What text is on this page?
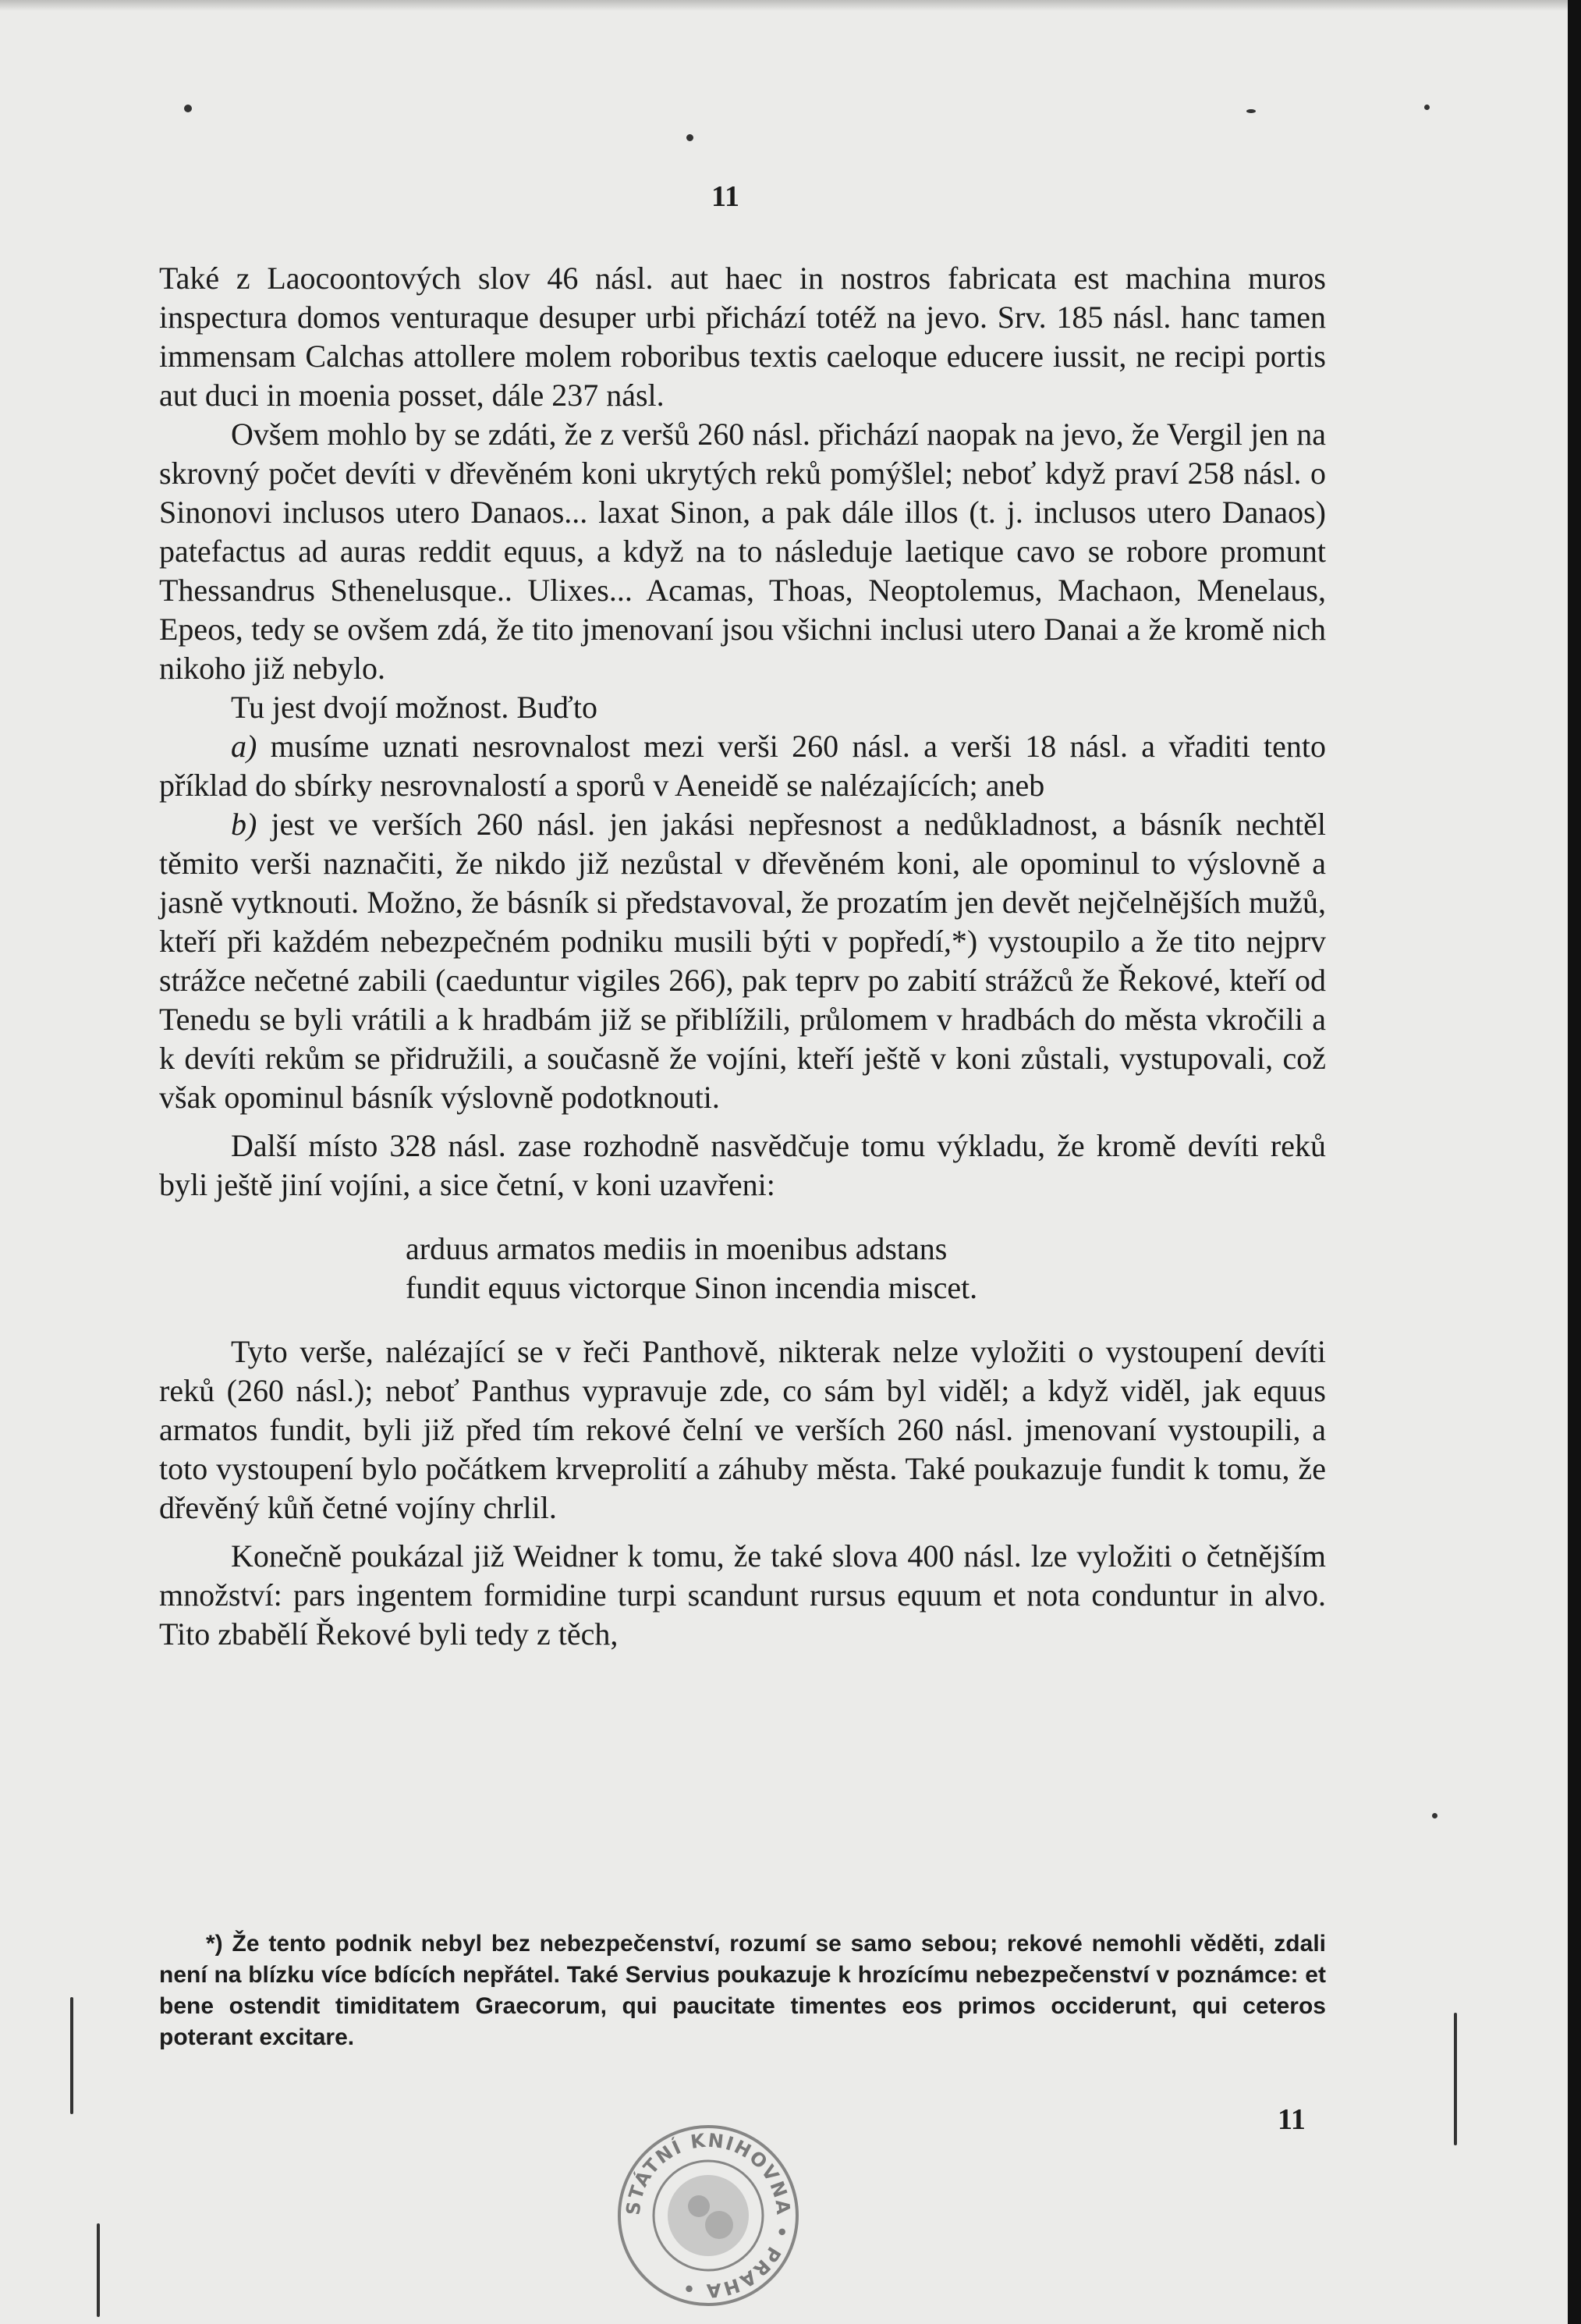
11

Také z Laocoontových slov 46 násl. aut haec in nostros fabricata est machina muros inspectura domos venturaque desuper urbi přichází totéž na jevo. Srv. 185 násl. hanc tamen immensam Calchas attollere molem roboribus textis caeloque educere iussit, ne recipi portis aut duci in moenia posset, dále 237 násl.

Ovšem mohlo by se zdáti, že z veršů 260 násl. přichází naopak na jevo, že Vergil jen na skrovný počet devíti v dřevěném koni ukrytých reků pomýšlel; neboť když praví 258 násl. o Sinonovi inclusos utero Danaos... laxat Sinon, a pak dále illos (t. j. inclusos utero Danaos) patefactus ad auras reddit equus, a když na to následuje laetique cavo se robore promunt Thessandrus Sthenelusque.. Ulixes... Acamas, Thoas, Neoptolemus, Machaon, Menelaus, Epeos, tedy se ovšem zdá, že tito jmenovaní jsou všichni inclusi utero Danai a že kromě nich nikoho již nebylo.

Tu jest dvojí možnost. Buďto

a) musíme uznati nesrovnalost mezi verši 260 násl. a verši 18 násl. a vřaditi tento příklad do sbírky nesrovnalostí a sporů v Aeneidě se nalézajících; aneb

b) jest ve verších 260 násl. jen jakási nepřesnost a nedůkladnost, a básník nechtěl těmito verši naznačiti, že nikdo již nezůstal v dřevěném koni, ale opominul to výslovně a jasně vytknouti. Možno, že básník si představoval, že prozatím jen devět nejčelnějších mužů, kteří při každém nebezpečném podniku musili býti v popředí,*) vystoupilo a že tito nejprv strážce nečetné zabili (caeduntur vigiles 266), pak teprv po zabití strážců že Řekové, kteří od Tenedu se byli vrátili a k hradbám již se přiblížili, průlomem v hradbách do města vkročili a k devíti rekům se přidružili, a současně že vojíni, kteří ještě v koni zůstali, vystupovali, což však opominul básník výslovně podotknouti.

Další místo 328 násl. zase rozhodně nasvědčuje tomu výkladu, že kromě devíti reků byli ještě jiní vojíni, a sice četní, v koni uzavřeni:

arduus armatos mediis in moenibus adstans
fundit equus victorque Sinon incendia miscet.

Tyto verše, nalézající se v řeči Panthově, nikterak nelze vyložiti o vystoupení devíti reků (260 násl.); neboť Panthus vypravuje zde, co sám byl viděl; a když viděl, jak equus armatos fundit, byli již před tím rekové čelní ve verších 260 násl. jmenovaní vystoupili, a toto vystoupení bylo počátkem krveprolití a záhuby města. Také poukazuje fundit k tomu, že dřevěný kůň četné vojíny chrlil.

Konečně poukázal již Weidner k tomu, že také slova 400 násl. lze vyložiti o četnějším množství: pars ingentem formidine turpi scandunt rursus equum et nota conduntur in alvo. Tito zbabělí Řekové byli tedy z těch,

*) Že tento podnik nebyl bez nebezpečenství, rozumí se samo sebou; rekové nemohli věděti, zdali není na blízku více bdících nepřátel. Také Servius poukazuje k hrozícímu nebezpečenství v poznámce: et bene ostendit timiditatem Graecorum, qui paucitate timentes eos primos occiderunt, qui ceteros poterant excitare.
11
STÁTNÍ KNIHOVNA • PRAHA •
